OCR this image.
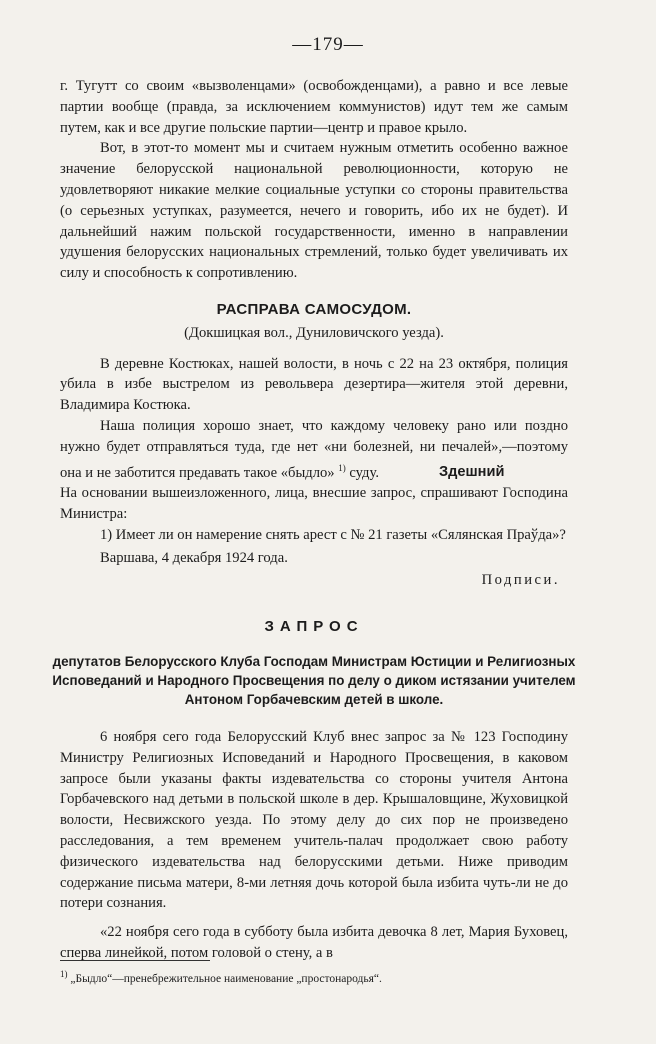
—179—

г. Тугутт со своим «вызволенцами» (освобожденцами), а равно и все левые партии вообще (правда, за исключением коммунистов) идут тем же самым путем, как и все другие польские партии—центр и правое крыло.

Вот, в этот-то момент мы и считаем нужным отметить особенно важное значение белорусской национальной революционности, которую не удовлетворяют никакие мелкие социальные уступки со стороны правительства (о серьезных уступках, разумеется, нечего и говорить, ибо их не будет). И дальнейший нажим польской государственности, именно в направлении удушения белорусских национальных стремлений, только будет увеличивать их силу и способность к сопротивлению.

РАСПРАВА САМОСУДОМ.
(Докшицкая вол., Дуниловичского уезда).

В деревне Костюках, нашей волости, в ночь с 22 на 23 октября, полиция убила в избе выстрелом из револьвера дезертира—жителя этой деревни, Владимира Костюка.

Наша полиция хорошо знает, что каждому человеку рано или поздно нужно будет отправляться туда, где нет «ни болезней, ни печалей»,—поэтому она и не заботится предавать такое «быдло» $^{1)}$ суду.	Здешний

На основании вышеизложенного, лица, внесшие запрос, спрашивают Господина Министра:

1) Имеет ли он намерение снять арест с № 21 газеты «Сялянская Праўда»?

Варшава, 4 декабря 1924 года.

Подписи.

ЗАПРОС
депутатов Белорусского Клуба Господам Министрам Юстиции и Религиозных Исповеданий и Народного Просвещения по делу о диком истязании учителем Антоном Горбачевским детей в школе.

6 ноября сего года Белорусский Клуб внес запрос за № 123 Господину Министру Религиозных Исповеданий и Народного Просвещения, в каковом запросе были указаны факты издевательства со стороны учителя Антона Горбачевского над детьми в польской школе в дер. Крышаловщине, Жуховицкой волости, Несвижского уезда. По этому делу до сих пор не произведено расследования, а тем временем учитель-палач продолжает свою работу физического издевательства над белорусскими детьми. Ниже приводим содержание письма матери, 8-ми летняя дочь которой была избита чуть-ли не до потери сознания.

«22 ноября сего года в субботу была избита девочка 8 лет, Мария Буховец, сперва линейкой, потом головой о стену, а в

$^{1)}$ „Быдло“—пренебрежительное наименование „простонародья“.
